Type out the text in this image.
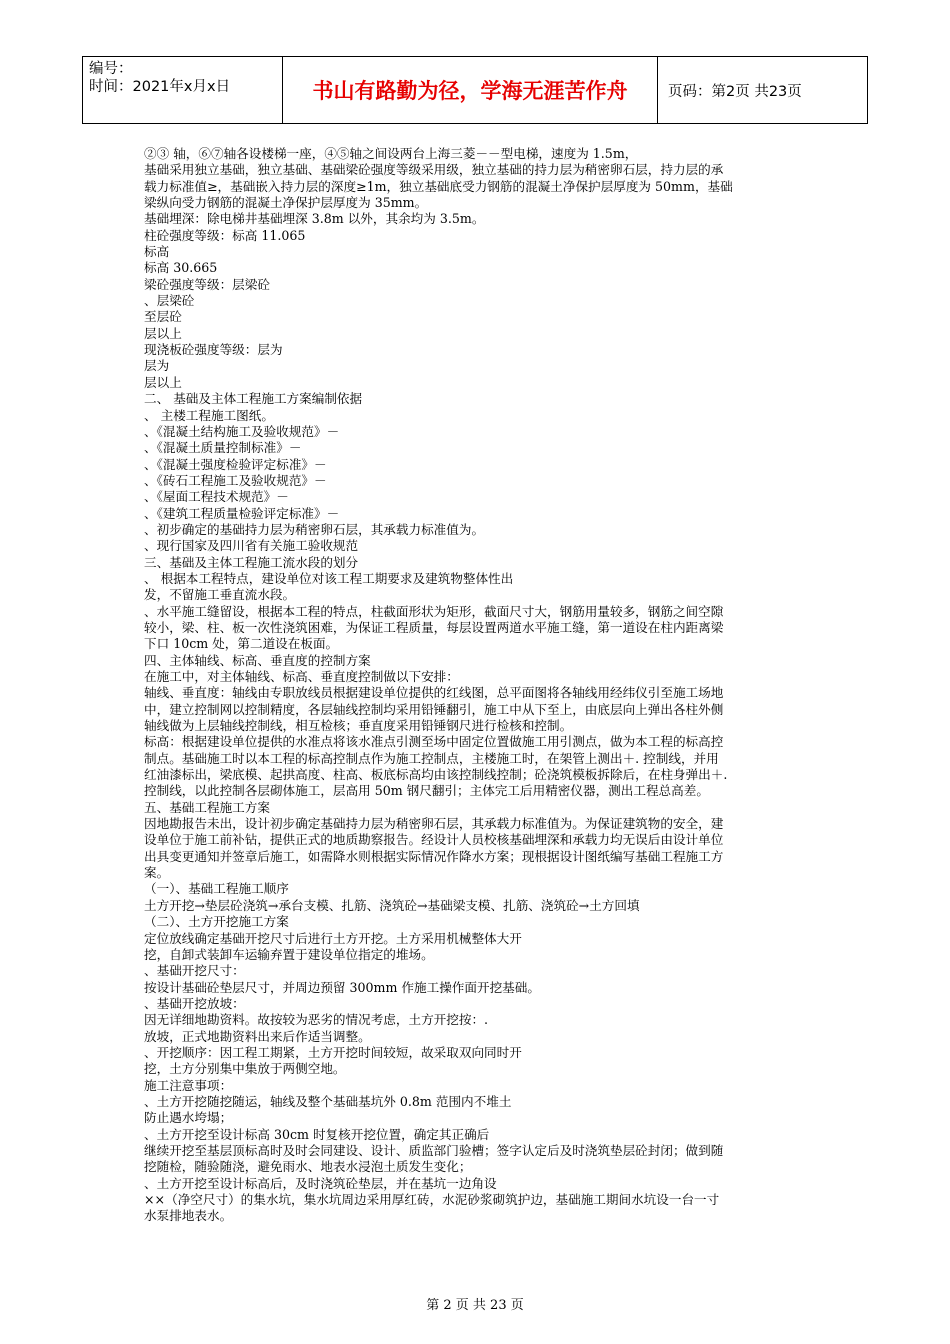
编号：
时间：2021年x月x日	书山有路勤为径，学海无涯苦作舟	页码：第2页 共23页

②③ 轴，⑥⑦轴各设楼梯一座，④⑤轴之间设两台上海三菱－－型电梯，速度为 1.5m，

基础采用独立基础，独立基础、基础梁砼强度等级采用级，独立基础的持力层为稍密卵石层，持力层的承

载力标准值≥，基础嵌入持力层的深度≥1m，独立基础底受力钢筋的混凝土净保护层厚度为 50mm，基础

梁纵向受力钢筋的混凝土净保护层厚度为 35mm。

基础埋深：除电梯井基础埋深 3.8m 以外，其余均为 3.5m。

柱砼强度等级：标高 11.065

标高

标高 30.665

梁砼强度等级：层梁砼

、层梁砼

至层砼

层以上

现浇板砼强度等级：层为

层为

层以上

二、 基础及主体工程施工方案编制依据

、 主楼工程施工图纸。

、《混凝土结构施工及验收规范》－

、《混凝土质量控制标准》－

、《混凝土强度检验评定标准》－

、《砖石工程施工及验收规范》－

、《屋面工程技术规范》－

、《建筑工程质量检验评定标准》－

、初步确定的基础持力层为稍密卵石层，其承载力标准值为。

、现行国家及四川省有关施工验收规范

三、基础及主体工程施工流水段的划分

、 根据本工程特点，建设单位对该工程工期要求及建筑物整体性出

发，不留施工垂直流水段。

、水平施工缝留设，根据本工程的特点，柱截面形状为矩形，截面尺寸大，钢筋用量较多，钢筋之间空隙

较小，梁、柱、板一次性浇筑困难，为保证工程质量，每层设置两道水平施工缝，第一道设在柱内距离梁

下口 10cm 处，第二道设在板面。

四、主体轴线、标高、垂直度的控制方案

在施工中，对主体轴线、标高、垂直度控制做以下安排：

轴线、垂直度：轴线由专职放线员根据建设单位提供的红线图，总平面图将各轴线用经纬仪引至施工场地

中，建立控制网以控制精度，各层轴线控制均采用铅锤翻引，施工中从下至上，由底层向上弹出各柱外侧

轴线做为上层轴线控制线，相互检核；垂直度采用铅锤钢尺进行检核和控制。

标高：根据建设单位提供的水准点将该水准点引测至场中固定位置做施工用引测点，做为本工程的标高控

制点。基础施工时以本工程的标高控制点作为施工控制点，主楼施工时，在架管上测出＋. 控制线，并用

红油漆标出，梁底模、起拱高度、柱高、板底标高均由该控制线控制；砼浇筑模板拆除后，在柱身弹出＋.

控制线，以此控制各层砌体施工，层高用 50m 钢尺翻引；主体完工后用精密仪器，测出工程总高差。

五、基础工程施工方案

因地勘报告未出，设计初步确定基础持力层为稍密卵石层，其承载力标准值为。为保证建筑物的安全，建

设单位于施工前补钻，提供正式的地质勘察报告。经设计人员校核基础埋深和承载力均无误后由设计单位

出具变更通知并签章后施工，如需降水则根据实际情况作降水方案；现根据设计图纸编写基础工程施工方

案。

（一）、基础工程施工顺序

土方开挖→垫层砼浇筑→承台支模、扎筋、浇筑砼→基础梁支模、扎筋、浇筑砼→土方回填

（二）、土方开挖施工方案

定位放线确定基础开挖尺寸后进行土方开挖。土方采用机械整体大开

挖，自卸式装卸车运输弃置于建设单位指定的堆场。

、基础开挖尺寸：

按设计基础砼垫层尺寸，并周边预留 300mm 作施工操作面开挖基础。

、基础开挖放坡：

因无详细地勘资料。故按较为恶劣的情况考虑，土方开挖按：.

放坡，正式地勘资料出来后作适当调整。

、开挖顺序：因工程工期紧，土方开挖时间较短，故采取双向同时开

挖，土方分别集中集放于两侧空地。

施工注意事项：

、土方开挖随挖随运，轴线及整个基础基坑外 0.8m 范围内不堆土

防止遇水垮塌；

、土方开挖至设计标高 30cm 时复核开挖位置，确定其正确后

继续开挖至基层顶标高时及时会同建设、设计、质监部门验槽；签字认定后及时浇筑垫层砼封闭；做到随

挖随检，随验随浇，避免雨水、地表水浸泡土质发生变化；

、土方开挖至设计标高后，及时浇筑砼垫层，并在基坑一边角设

××（净空尺寸）的集水坑，集水坑周边采用厚红砖，水泥砂浆砌筑护边，基础施工期间水坑设一台一寸

水泵排地表水。

第 2 页 共 23 页
